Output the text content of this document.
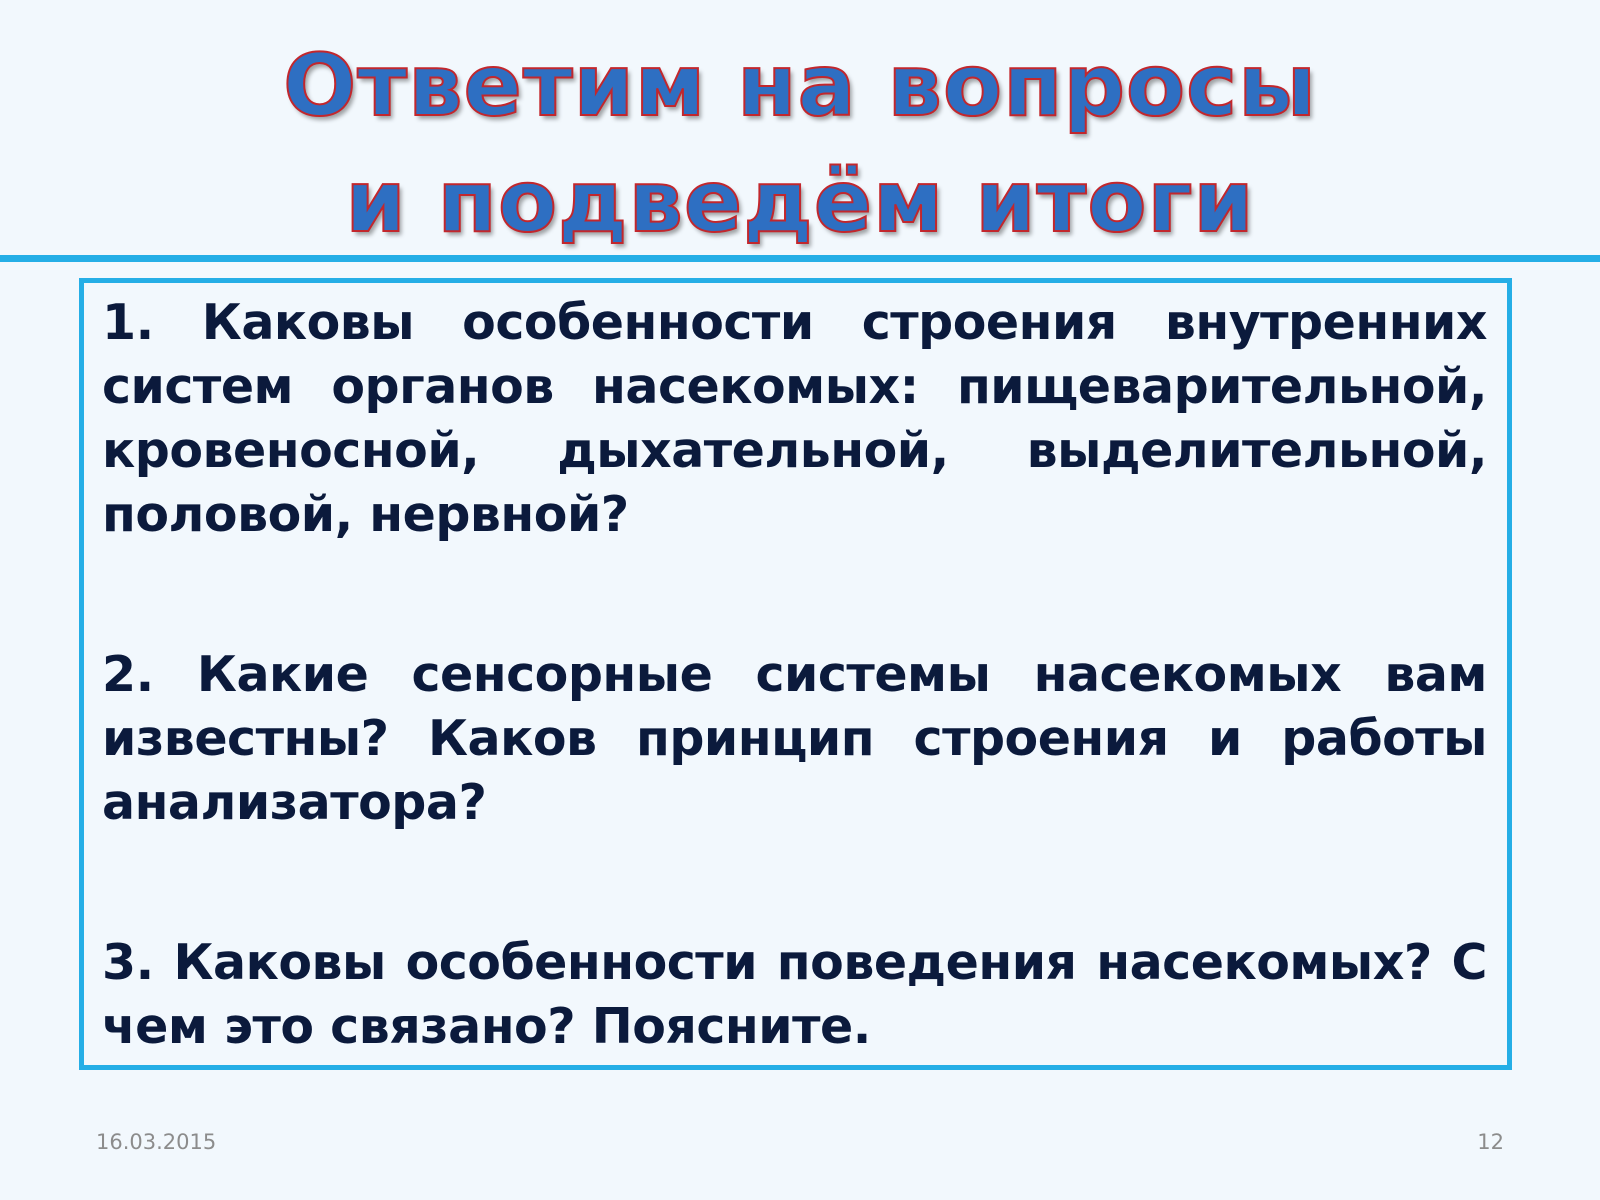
Ответим на вопросы
и подведём итоги

1. Каковы особенности строения внутренних систем органов насекомых: пищеварительной, кровеносной, дыхательной, выделительной, половой, нервной?

2. Какие сенсорные системы насекомых вам известны? Каков принцип строения и работы анализатора?

3. Каковы особенности поведения насекомых? С чем это связано? Поясните.

16.03.2015	12
